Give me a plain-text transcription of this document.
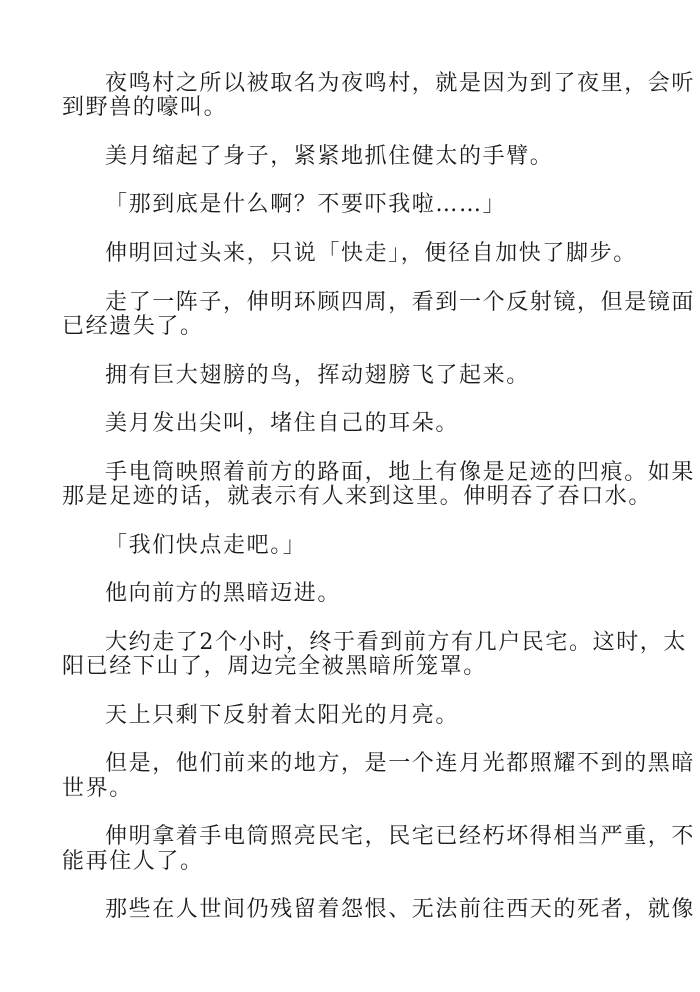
夜鸣村之所以被取名为夜鸣村，就是因为到了夜里，会听
到野兽的嚎叫。
美月缩起了身子，紧紧地抓住健太的手臂。
「那到底是什么啊？不要吓我啦……」
伸明回过头来，只说「快走」，便径自加快了脚步。
走了一阵子，伸明环顾四周，看到一个反射镜，但是镜面
已经遗失了。
拥有巨大翅膀的鸟，挥动翅膀飞了起来。
美月发出尖叫，堵住自己的耳朵。
手电筒映照着前方的路面，地上有像是足迹的凹痕。如果
那是足迹的话，就表示有人来到这里。伸明吞了吞口水。
「我们快点走吧。」
他向前方的黑暗迈进。
大约走了2个小时，终于看到前方有几户民宅。这时，太
阳已经下山了，周边完全被黑暗所笼罩。
天上只剩下反射着太阳光的月亮。
但是，他们前来的地方，是一个连月光都照耀不到的黑暗
世界。
伸明拿着手电筒照亮民宅，民宅已经朽坏得相当严重，不
能再住人了。
那些在人世间仍残留着怨恨、无法前往西天的死者，就像
